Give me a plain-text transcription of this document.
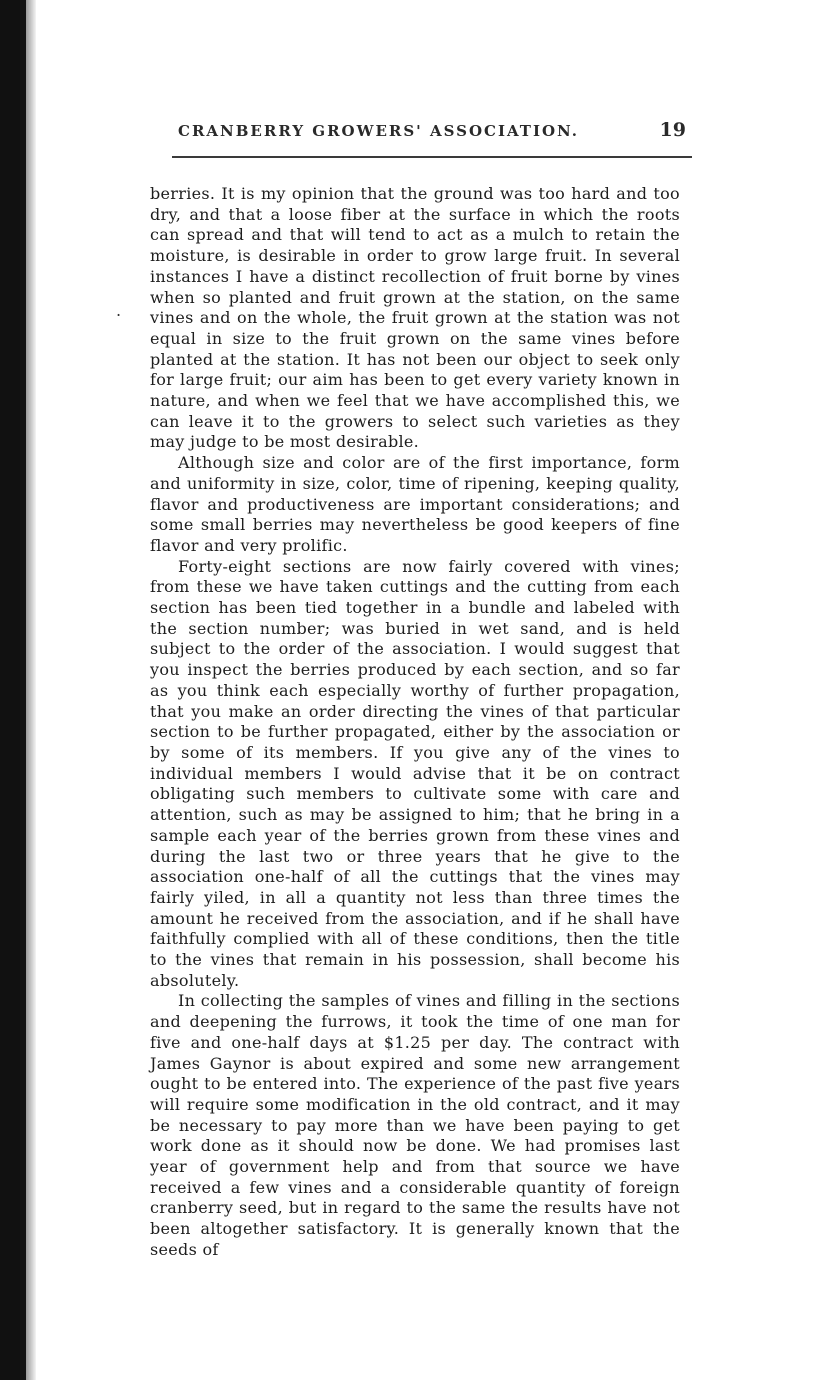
CRANBERRY GROWERS' ASSOCIATION.	19
.

berries. It is my opinion that the ground was too hard and too dry, and that a loose fiber at the surface in which the roots can spread and that will tend to act as a mulch to retain the moisture, is desirable in order to grow large fruit. In several instances I have a distinct recollection of fruit borne by vines when so planted and fruit grown at the station, on the same vines and on the whole, the fruit grown at the station was not equal in size to the fruit grown on the same vines before planted at the station. It has not been our object to seek only for large fruit; our aim has been to get every variety known in nature, and when we feel that we have accomplished this, we can leave it to the growers to select such varieties as they may judge to be most desirable.

Although size and color are of the first importance, form and uniformity in size, color, time of ripening, keeping quality, flavor and productiveness are important considerations; and some small berries may nevertheless be good keepers of fine flavor and very prolific.

Forty-eight sections are now fairly covered with vines; from these we have taken cuttings and the cutting from each section has been tied together in a bundle and labeled with the section number; was buried in wet sand, and is held subject to the order of the association. I would suggest that you inspect the berries produced by each section, and so far as you think each especially worthy of further propagation, that you make an order directing the vines of that particular section to be further propagated, either by the association or by some of its members. If you give any of the vines to individual members I would advise that it be on contract obligating such members to cultivate some with care and attention, such as may be assigned to him; that he bring in a sample each year of the berries grown from these vines and during the last two or three years that he give to the association one-half of all the cuttings that the vines may fairly yiled, in all a quantity not less than three times the amount he received from the association, and if he shall have faithfully complied with all of these conditions, then the title to the vines that remain in his possession, shall become his absolutely.

In collecting the samples of vines and filling in the sections and deepening the furrows, it took the time of one man for five and one-half days at $1.25 per day. The contract with James Gaynor is about expired and some new arrangement ought to be entered into. The experience of the past five years will require some modification in the old contract, and it may be necessary to pay more than we have been paying to get work done as it should now be done. We had promises last year of government help and from that source we have received a few vines and a considerable quantity of foreign cranberry seed, but in regard to the same the results have not been altogether satisfactory. It is generally known that the seeds of
